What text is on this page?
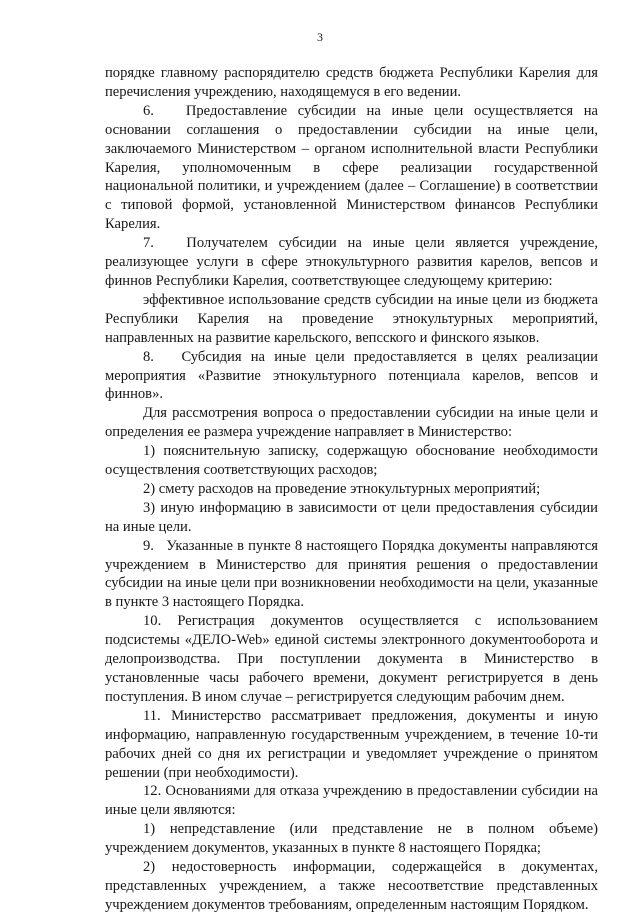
3

порядке главному распорядителю средств бюджета Республики Карелия для перечисления учреждению, находящемуся в его ведении.

6.   Предоставление субсидии на иные цели осуществляется на основании соглашения о предоставлении субсидии на иные цели, заключаемого Министерством – органом исполнительной власти Республики Карелия, уполномоченным в сфере реализации государственной национальной политики, и учреждением (далее – Соглашение) в соответствии с типовой формой, установленной Министерством финансов Республики Карелия.

7.   Получателем субсидии на иные цели является учреждение, реализующее услуги в сфере этнокультурного развития карелов, вепсов и финнов Республики Карелия, соответствующее следующему критерию:

эффективное использование средств субсидии на иные цели из бюджета Республики Карелия на проведение этнокультурных мероприятий, направленных на развитие карельского, вепсского и финского языков.

8.   Субсидия на иные цели предоставляется в целях реализации мероприятия «Развитие этнокультурного потенциала карелов, вепсов и финнов».

Для рассмотрения вопроса о предоставлении субсидии на иные цели и определения ее размера учреждение направляет в Министерство:

1) пояснительную записку, содержащую обоснование необходимости осуществления соответствующих расходов;

2) смету расходов на проведение этнокультурных мероприятий;

3) иную информацию в зависимости от цели предоставления субсидии на иные цели.

9.   Указанные в пункте 8 настоящего Порядка документы направляются учреждением в Министерство для принятия решения о предоставлении субсидии на иные цели при возникновении необходимости на цели, указанные в пункте 3 настоящего Порядка.

10. Регистрация документов осуществляется с использованием подсистемы «ДЕЛО-Web» единой системы электронного документооборота и делопроизводства. При поступлении документа в Министерство в установленные часы рабочего времени, документ регистрируется в день поступления. В ином случае – регистрируется следующим рабочим днем.

11. Министерство рассматривает предложения, документы и иную информацию, направленную государственным учреждением, в течение 10-ти рабочих дней со дня их регистрации и уведомляет учреждение о принятом решении (при необходимости).

12. Основаниями для отказа учреждению в предоставлении субсидии на иные цели являются:

1) непредставление (или представление не в полном объеме) учреждением документов, указанных в пункте 8 настоящего Порядка;

2) недостоверность информации, содержащейся в документах, представленных учреждением, а также несоответствие представленных учреждением документов требованиям, определенным настоящим Порядком.
